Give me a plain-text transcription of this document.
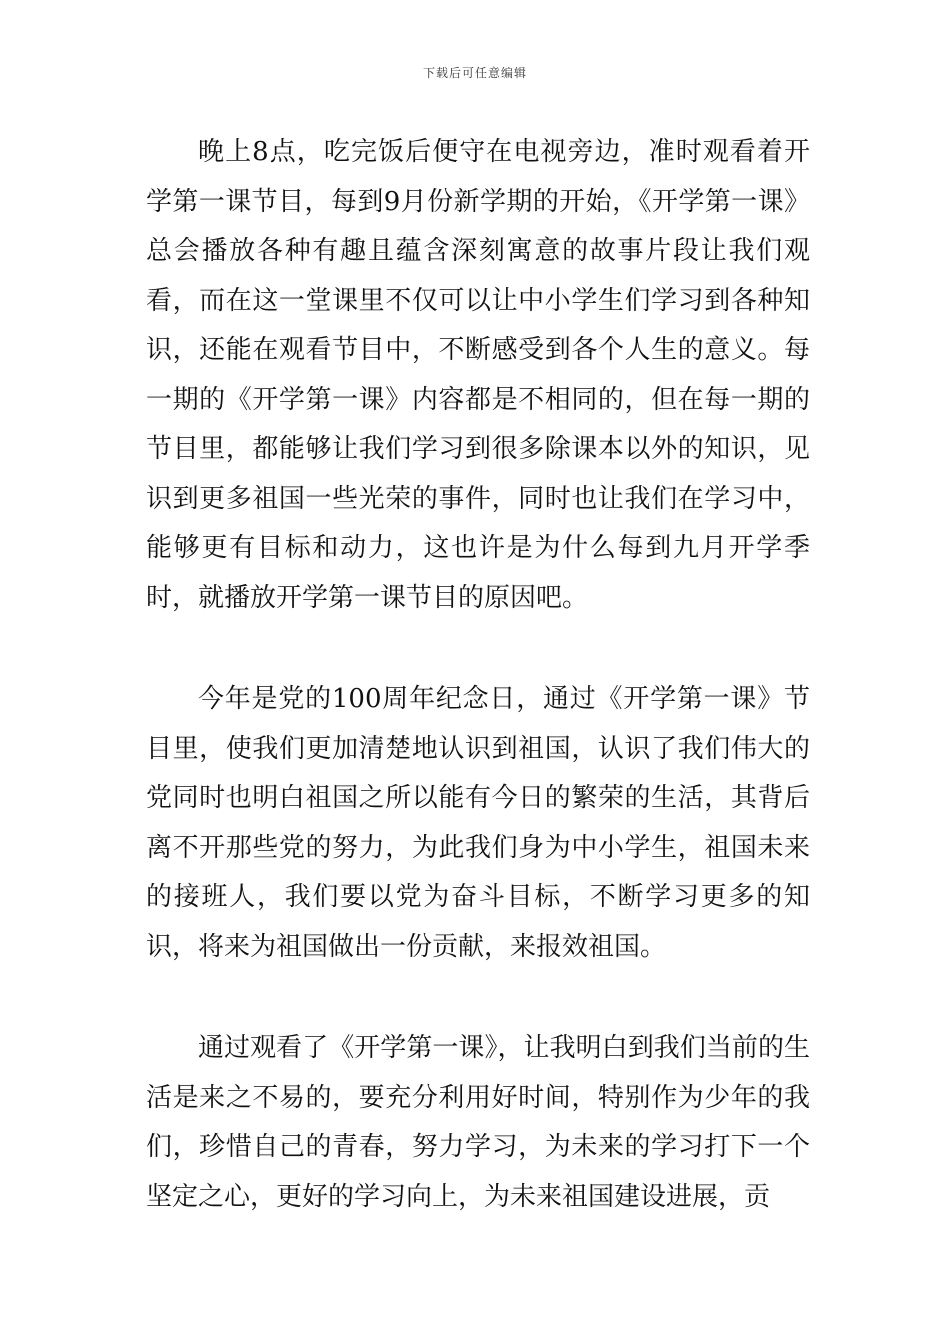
下载后可任意编辑

晚上8点，吃完饭后便守在电视旁边，准时观看着开学第一课节目，每到9月份新学期的开始，《开学第一课》总会播放各种有趣且蕴含深刻寓意的故事片段让我们观看，而在这一堂课里不仅可以让中小学生们学习到各种知识，还能在观看节目中，不断感受到各个人生的意义。每一期的《开学第一课》内容都是不相同的，但在每一期的节目里，都能够让我们学习到很多除课本以外的知识，见识到更多祖国一些光荣的事件，同时也让我们在学习中，能够更有目标和动力，这也许是为什么每到九月开学季时，就播放开学第一课节目的原因吧。

今年是党的100周年纪念日，通过《开学第一课》节目里，使我们更加清楚地认识到祖国，认识了我们伟大的党同时也明白祖国之所以能有今日的繁荣的生活，其背后离不开那些党的努力，为此我们身为中小学生，祖国未来的接班人，我们要以党为奋斗目标，不断学习更多的知识，将来为祖国做出一份贡献，来报效祖国。

通过观看了《开学第一课》，让我明白到我们当前的生活是来之不易的，要充分利用好时间，特别作为少年的我们，珍惜自己的青春，努力学习，为未来的学习打下一个坚定之心，更好的学习向上，为未来祖国建设进展，贡
